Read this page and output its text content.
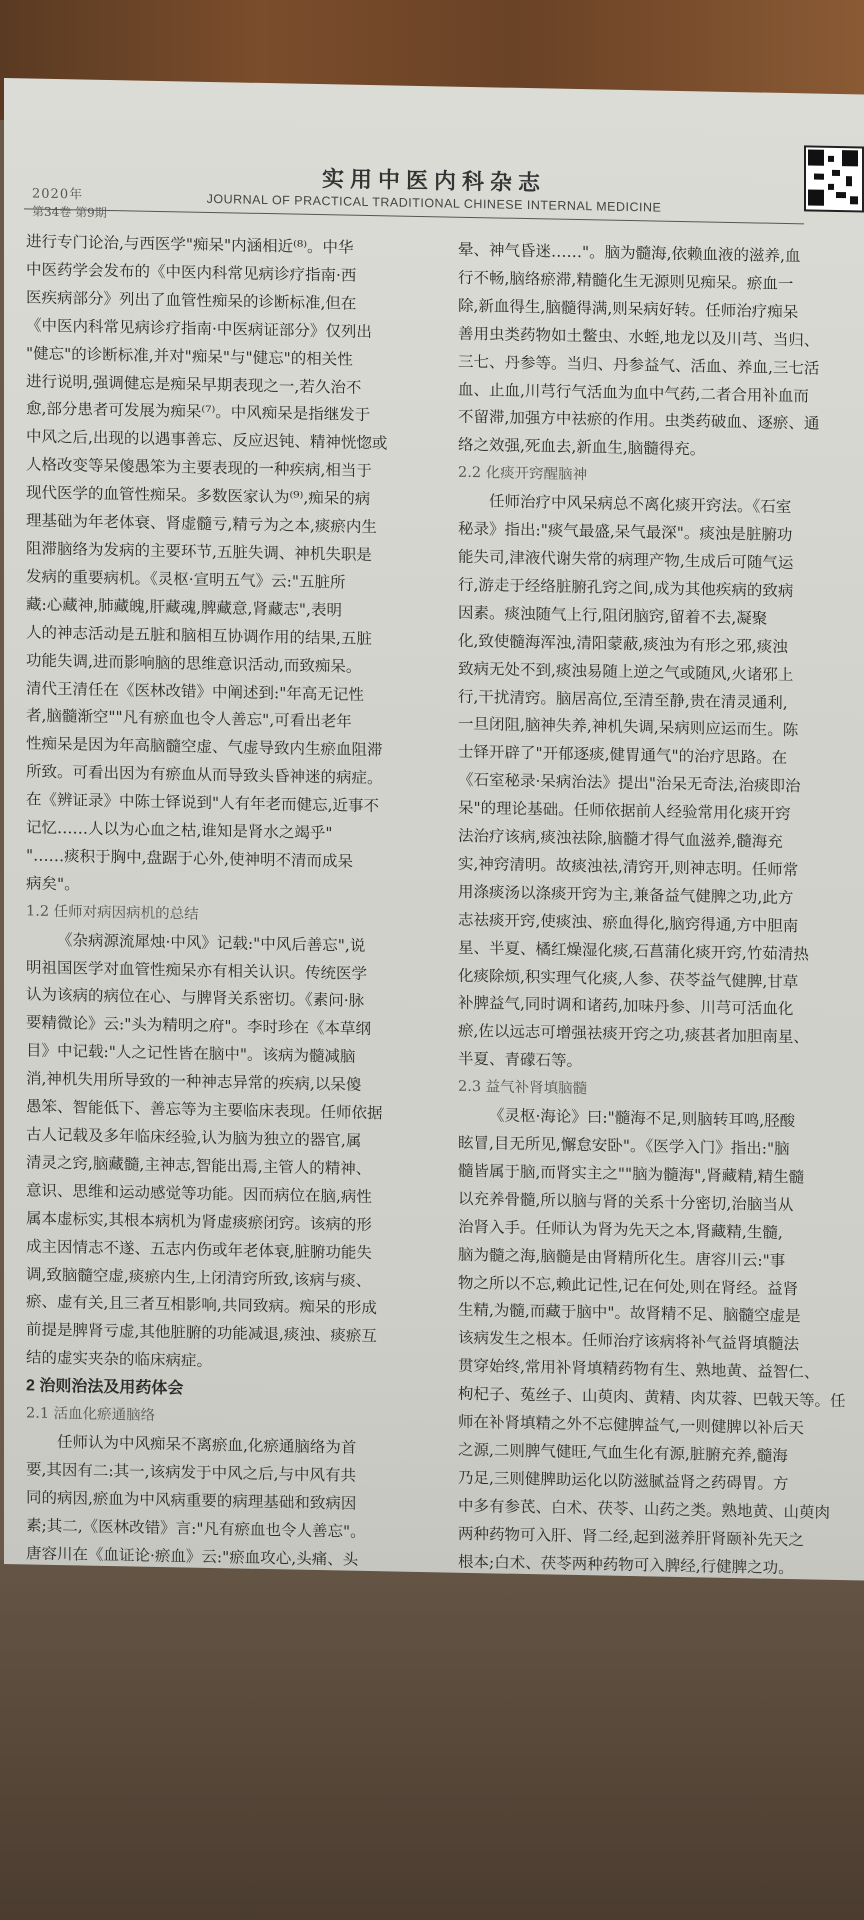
2020年
第34卷 第9期
实用中医内科杂志
JOURNAL OF PRACTICAL TRADITIONAL CHINESE INTERNAL MEDICINE
进行专门论治,与西医学"痴呆"内涵相近⁽⁸⁾。中华
中医药学会发布的《中医内科常见病诊疗指南·西
医疾病部分》列出了血管性痴呆的诊断标准,但在
《中医内科常见病诊疗指南·中医病证部分》仅列出
"健忘"的诊断标准,并对"痴呆"与"健忘"的相关性
进行说明,强调健忘是痴呆早期表现之一,若久治不
愈,部分患者可发展为痴呆⁽⁷⁾。中风痴呆是指继发于
中风之后,出现的以遇事善忘、反应迟钝、精神恍惚或
人格改变等呆傻愚笨为主要表现的一种疾病,相当于
现代医学的血管性痴呆。多数医家认为⁽⁹⁾,痴呆的病
理基础为年老体衰、肾虚髓亏,精亏为之本,痰瘀内生
阻滞脑络为发病的主要环节,五脏失调、神机失职是
发病的重要病机。《灵枢·宣明五气》云:"五脏所
藏:心藏神,肺藏魄,肝藏魂,脾藏意,肾藏志",表明
人的神志活动是五脏和脑相互协调作用的结果,五脏
功能失调,进而影响脑的思维意识活动,而致痴呆。
清代王清任在《医林改错》中阐述到:"年高无记性
者,脑髓渐空""凡有瘀血也令人善忘",可看出老年
性痴呆是因为年高脑髓空虚、气虚导致内生瘀血阻滞
所致。可看出因为有瘀血从而导致头昏神迷的病症。
在《辨证录》中陈士铎说到"人有年老而健忘,近事不
记忆……人以为心血之枯,谁知是肾水之竭乎"
"……痰积于胸中,盘踞于心外,使神明不清而成呆
病矣"。
1.2 任师对病因病机的总结
《杂病源流犀烛·中风》记载:"中风后善忘",说
明祖国医学对血管性痴呆亦有相关认识。传统医学
认为该病的病位在心、与脾肾关系密切。《素问·脉
要精微论》云:"头为精明之府"。李时珍在《本草纲
目》中记载:"人之记性皆在脑中"。该病为髓减脑
消,神机失用所导致的一种神志异常的疾病,以呆傻
愚笨、智能低下、善忘等为主要临床表现。任师依据
古人记载及多年临床经验,认为脑为独立的器官,属
清灵之窍,脑藏髓,主神志,智能出焉,主管人的精神、
意识、思维和运动感觉等功能。因而病位在脑,病性
属本虚标实,其根本病机为肾虚痰瘀闭窍。该病的形
成主因情志不遂、五志内伤或年老体衰,脏腑功能失
调,致脑髓空虚,痰瘀内生,上闭清窍所致,该病与痰、
瘀、虚有关,且三者互相影响,共同致病。痴呆的形成
前提是脾肾亏虚,其他脏腑的功能减退,痰浊、痰瘀互
结的虚实夹杂的临床病症。
2 治则治法及用药体会
2.1 活血化瘀通脑络
任师认为中风痴呆不离瘀血,化瘀通脑络为首
要,其因有二:其一,该病发于中风之后,与中风有共
同的病因,瘀血为中风病重要的病理基础和致病因
素;其二,《医林改错》言:"凡有瘀血也令人善忘"。
唐容川在《血证论·瘀血》云:"瘀血攻心,头痛、头
晕、神气昏迷……"。脑为髓海,依赖血液的滋养,血
行不畅,脑络瘀滞,精髓化生无源则见痴呆。瘀血一
除,新血得生,脑髓得满,则呆病好转。任师治疗痴呆
善用虫类药物如土鳖虫、水蛭,地龙以及川芎、当归、
三七、丹参等。当归、丹参益气、活血、养血,三七活
血、止血,川芎行气活血为血中气药,二者合用补血而
不留滞,加强方中祛瘀的作用。虫类药破血、逐瘀、通
络之效强,死血去,新血生,脑髓得充。
2.2 化痰开窍醒脑神
任师治疗中风呆病总不离化痰开窍法。《石室
秘录》指出:"痰气最盛,呆气最深"。痰浊是脏腑功
能失司,津液代谢失常的病理产物,生成后可随气运
行,游走于经络脏腑孔窍之间,成为其他疾病的致病
因素。痰浊随气上行,阻闭脑窍,留着不去,凝聚
化,致使髓海浑浊,清阳蒙蔽,痰浊为有形之邪,痰浊
致病无处不到,痰浊易随上逆之气或随风,火诸邪上
行,干扰清窍。脑居高位,至清至静,贵在清灵通利,
一旦闭阻,脑神失养,神机失调,呆病则应运而生。陈
士铎开辟了"开郁逐痰,健胃通气"的治疗思路。在
《石室秘录·呆病治法》提出"治呆无奇法,治痰即治
呆"的理论基础。任师依据前人经验常用化痰开窍
法治疗该病,痰浊祛除,脑髓才得气血滋养,髓海充
实,神窍清明。故痰浊祛,清窍开,则神志明。任师常
用涤痰汤以涤痰开窍为主,兼备益气健脾之功,此方
志祛痰开窍,使痰浊、瘀血得化,脑窍得通,方中胆南
星、半夏、橘红燥湿化痰,石菖蒲化痰开窍,竹茹清热
化痰除烦,积实理气化痰,人参、茯苓益气健脾,甘草
补脾益气,同时调和诸药,加味丹参、川芎可活血化
瘀,佐以远志可增强祛痰开窍之功,痰甚者加胆南星、
半夏、青礞石等。
2.3 益气补肾填脑髓
《灵枢·海论》曰:"髓海不足,则脑转耳鸣,胫酸
眩冒,目无所见,懈怠安卧"。《医学入门》指出:"脑
髓皆属于脑,而肾实主之""脑为髓海",肾藏精,精生髓
以充养骨髓,所以脑与肾的关系十分密切,治脑当从
治肾入手。任师认为肾为先天之本,肾藏精,生髓,
脑为髓之海,脑髓是由肾精所化生。唐容川云:"事
物之所以不忘,赖此记性,记在何处,则在肾经。益肾
生精,为髓,而藏于脑中"。故肾精不足、脑髓空虚是
该病发生之根本。任师治疗该病将补气益肾填髓法
贯穿始终,常用补肾填精药物有生、熟地黄、益智仁、
枸杞子、菟丝子、山萸肉、黄精、肉苁蓉、巴戟天等。任
师在补肾填精之外不忘健脾益气,一则健脾以补后天
之源,二则脾气健旺,气血生化有源,脏腑充养,髓海
乃足,三则健脾助运化以防滋腻益肾之药碍胃。方
中多有参芪、白术、茯苓、山药之类。熟地黄、山萸肉
两种药物可入肝、肾二经,起到滋养肝肾颐补先天之
根本;白术、茯苓两种药物可入脾经,行健脾之功。
